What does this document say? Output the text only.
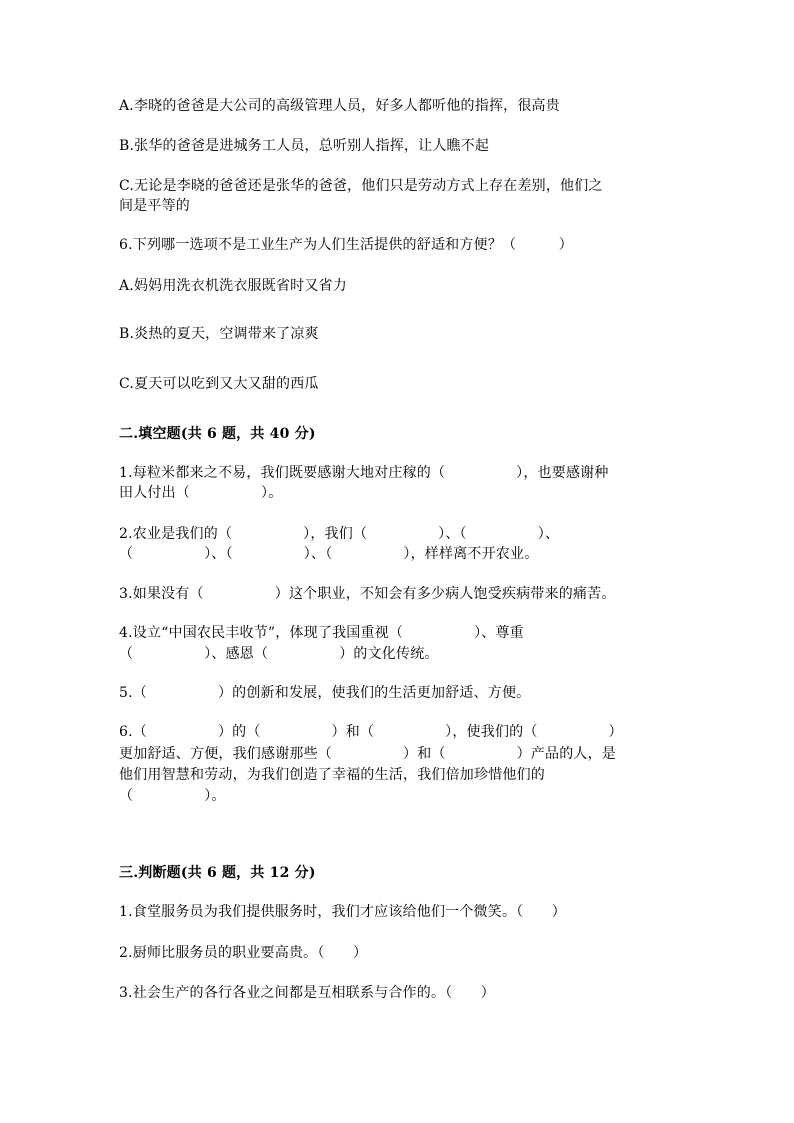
A.李晓的爸爸是大公司的高级管理人员，好多人都听他的指挥，很高贵
B.张华的爸爸是进城务工人员，总听别人指挥，让人瞧不起
C.无论是李晓的爸爸还是张华的爸爸，他们只是劳动方式上存在差别，他们之
间是平等的
6.下列哪一选项不是工业生产为人们生活提供的舒适和方便？（　　　）
A.妈妈用洗衣机洗衣服既省时又省力
B.炎热的夏天，空调带来了凉爽
C.夏天可以吃到又大又甜的西瓜
二.填空题(共 6 题，共 40 分)
1.每粒米都来之不易，我们既要感谢大地对庄稼的（　　　　　），也要感谢种
田人付出（　　　　　）。
2.农业是我们的（　　　　　），我们（　　　　　）、（　　　　　）、
（　　　　　）、（　　　　　）、（　　　　　），样样离不开农业。
3.如果没有（　　　　　）这个职业，不知会有多少病人饱受疾病带来的痛苦。
4.设立“中国农民丰收节”，体现了我国重视（　　　　　）、尊重
（　　　　　）、感恩（　　　　　）的文化传统。
5.（　　　　　）的创新和发展，使我们的生活更加舒适、方便。
6.（　　　　　）的（　　　　　）和（　　　　　），使我们的（　　　　　）
更加舒适、方便，我们感谢那些（　　　　　）和（　　　　　）产品的人，是
他们用智慧和劳动，为我们创造了幸福的生活，我们倍加珍惜他们的
（　　　　　）。
三.判断题(共 6 题，共 12 分)
1.食堂服务员为我们提供服务时，我们才应该给他们一个微笑。（　　）
2.厨师比服务员的职业要高贵。（　　）
3.社会生产的各行各业之间都是互相联系与合作的。（　　）
